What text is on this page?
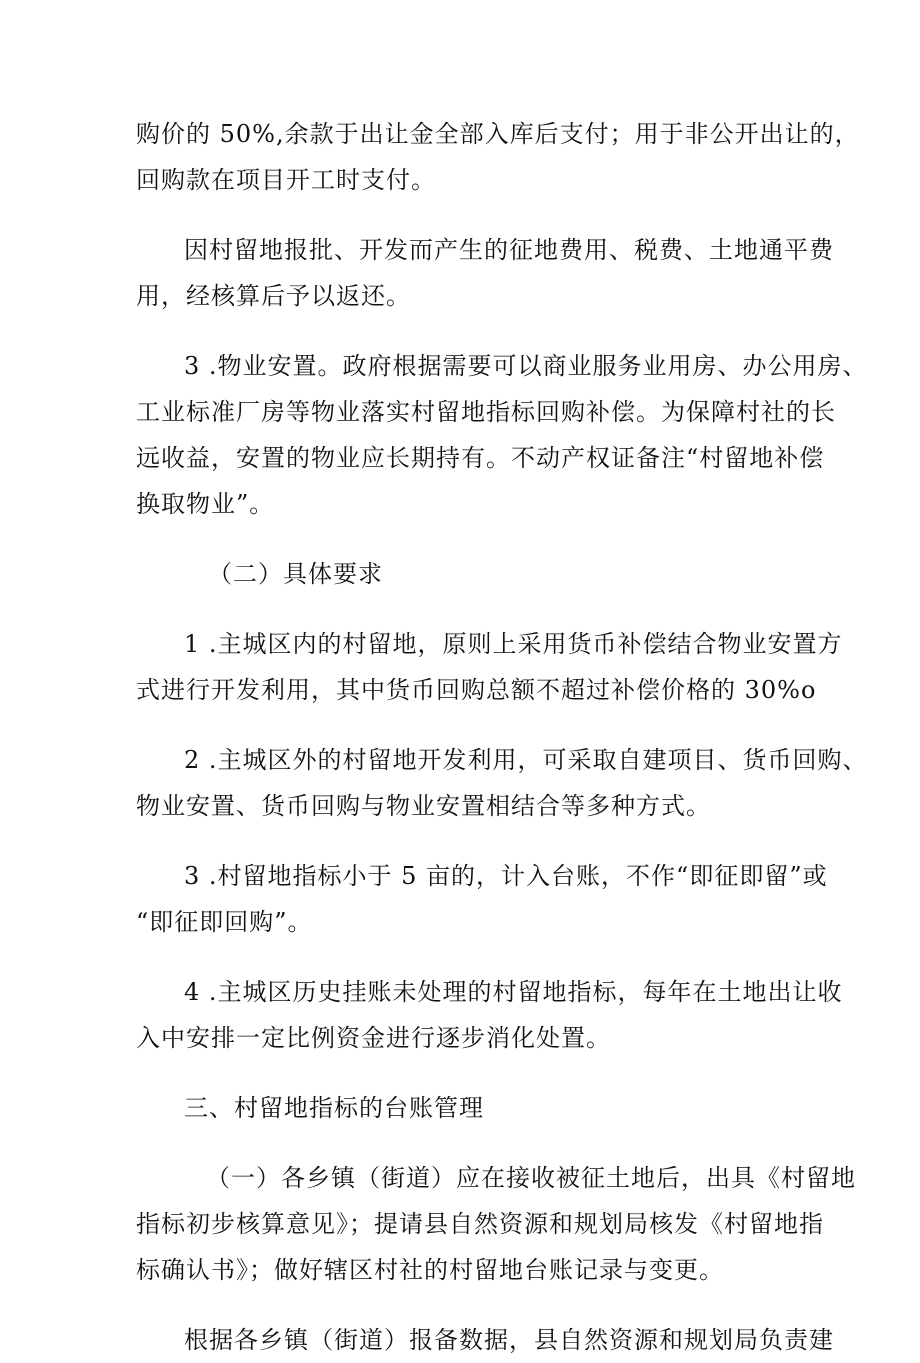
购价的 50%,余款于出让金全部入库后支付；用于非公开出让的，
回购款在项目开工时支付。
因村留地报批、开发而产生的征地费用、税费、土地通平费
用，经核算后予以返还。
3 .物业安置。政府根据需要可以商业服务业用房、办公用房、
工业标准厂房等物业落实村留地指标回购补偿。为保障村社的长
远收益，安置的物业应长期持有。不动产权证备注“村留地补偿
换取物业”。
（二）具体要求
1 .主城区内的村留地，原则上采用货币补偿结合物业安置方
式进行开发利用，其中货币回购总额不超过补偿价格的 30%o
2 .主城区外的村留地开发利用，可采取自建项目、货币回购、
物业安置、货币回购与物业安置相结合等多种方式。
3 .村留地指标小于 5 亩的，计入台账，不作“即征即留”或
“即征即回购”。
4 .主城区历史挂账未处理的村留地指标，每年在土地出让收
入中安排一定比例资金进行逐步消化处置。
三、村留地指标的台账管理
（一）各乡镇（街道）应在接收被征土地后，出具《村留地
指标初步核算意见》；提请县自然资源和规划局核发《村留地指
标确认书》；做好辖区村社的村留地台账记录与变更。
根据各乡镇（街道）报备数据，县自然资源和规划局负责建
